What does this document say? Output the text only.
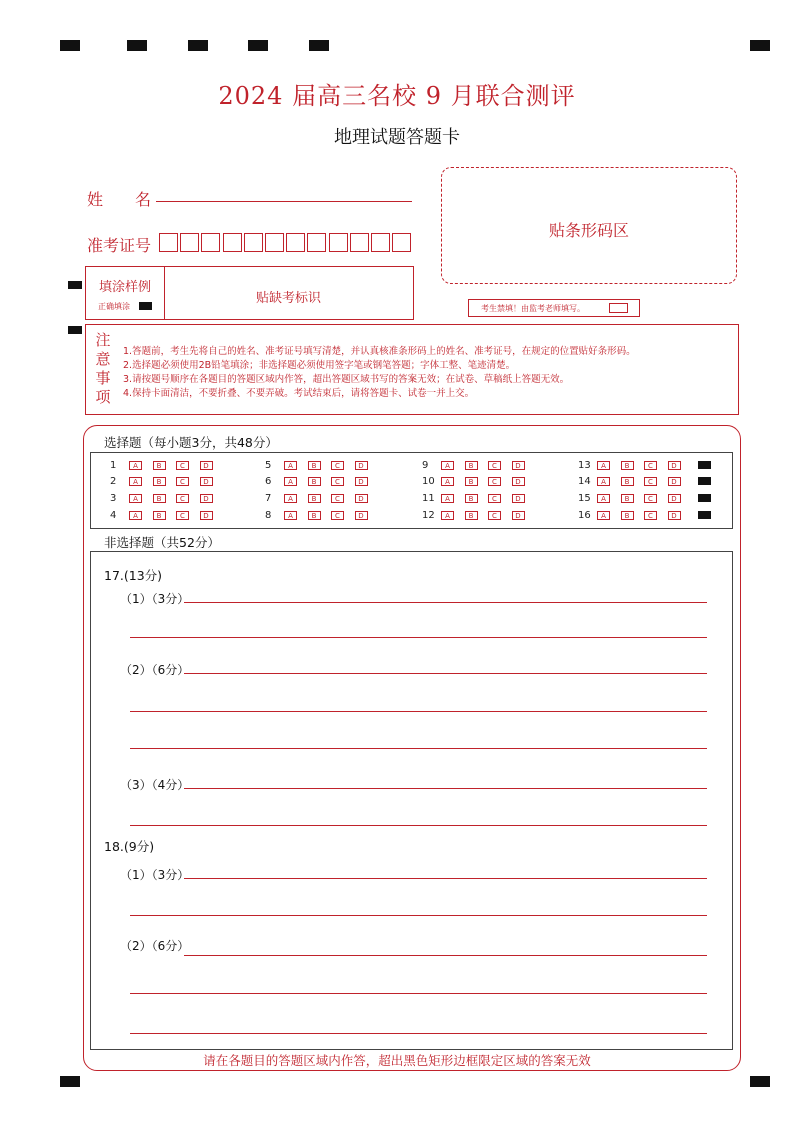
2024 届高三名校 9 月联合测评
地理试题答题卡
姓　　名
准考证号
贴条形码区
填涂样例
正确填涂
贴缺考标识
考生禁填！由监考老师填写。
注意事项
1.答题前，考生先将自己的姓名、准考证号填写清楚，并认真核准条形码上的姓名、准考证号，在规定的位置贴好条形码。
2.选择题必须使用2B铅笔填涂；非选择题必须使用签字笔或钢笔答题；字体工整、笔迹清楚。
3.请按题号顺序在各题目的答题区域内作答，超出答题区域书写的答案无效；在试卷、草稿纸上答题无效。
4.保持卡面清洁，不要折叠、不要弄破。考试结束后，请将答题卡、试卷一并上交。
选择题（每小题3分，共48分）
1	A	B	C	D
2	A	B	C	D
3	A	B	C	D
4	A	B	C	D
5	A	B	C	D
6	A	B	C	D
7	A	B	C	D
8	A	B	C	D
9	A	B	C	D
10	A	B	C	D
11	A	B	C	D
12	A	B	C	D
13	A	B	C	D
14	A	B	C	D
15	A	B	C	D
16	A	B	C	D
非选择题（共52分）
17.(13分)
（1）（3分）
（2）（6分）
（3）（4分）
18.(9分)
（1）（3分）
（2）（6分）
请在各题目的答题区域内作答，超出黑色矩形边框限定区域的答案无效
